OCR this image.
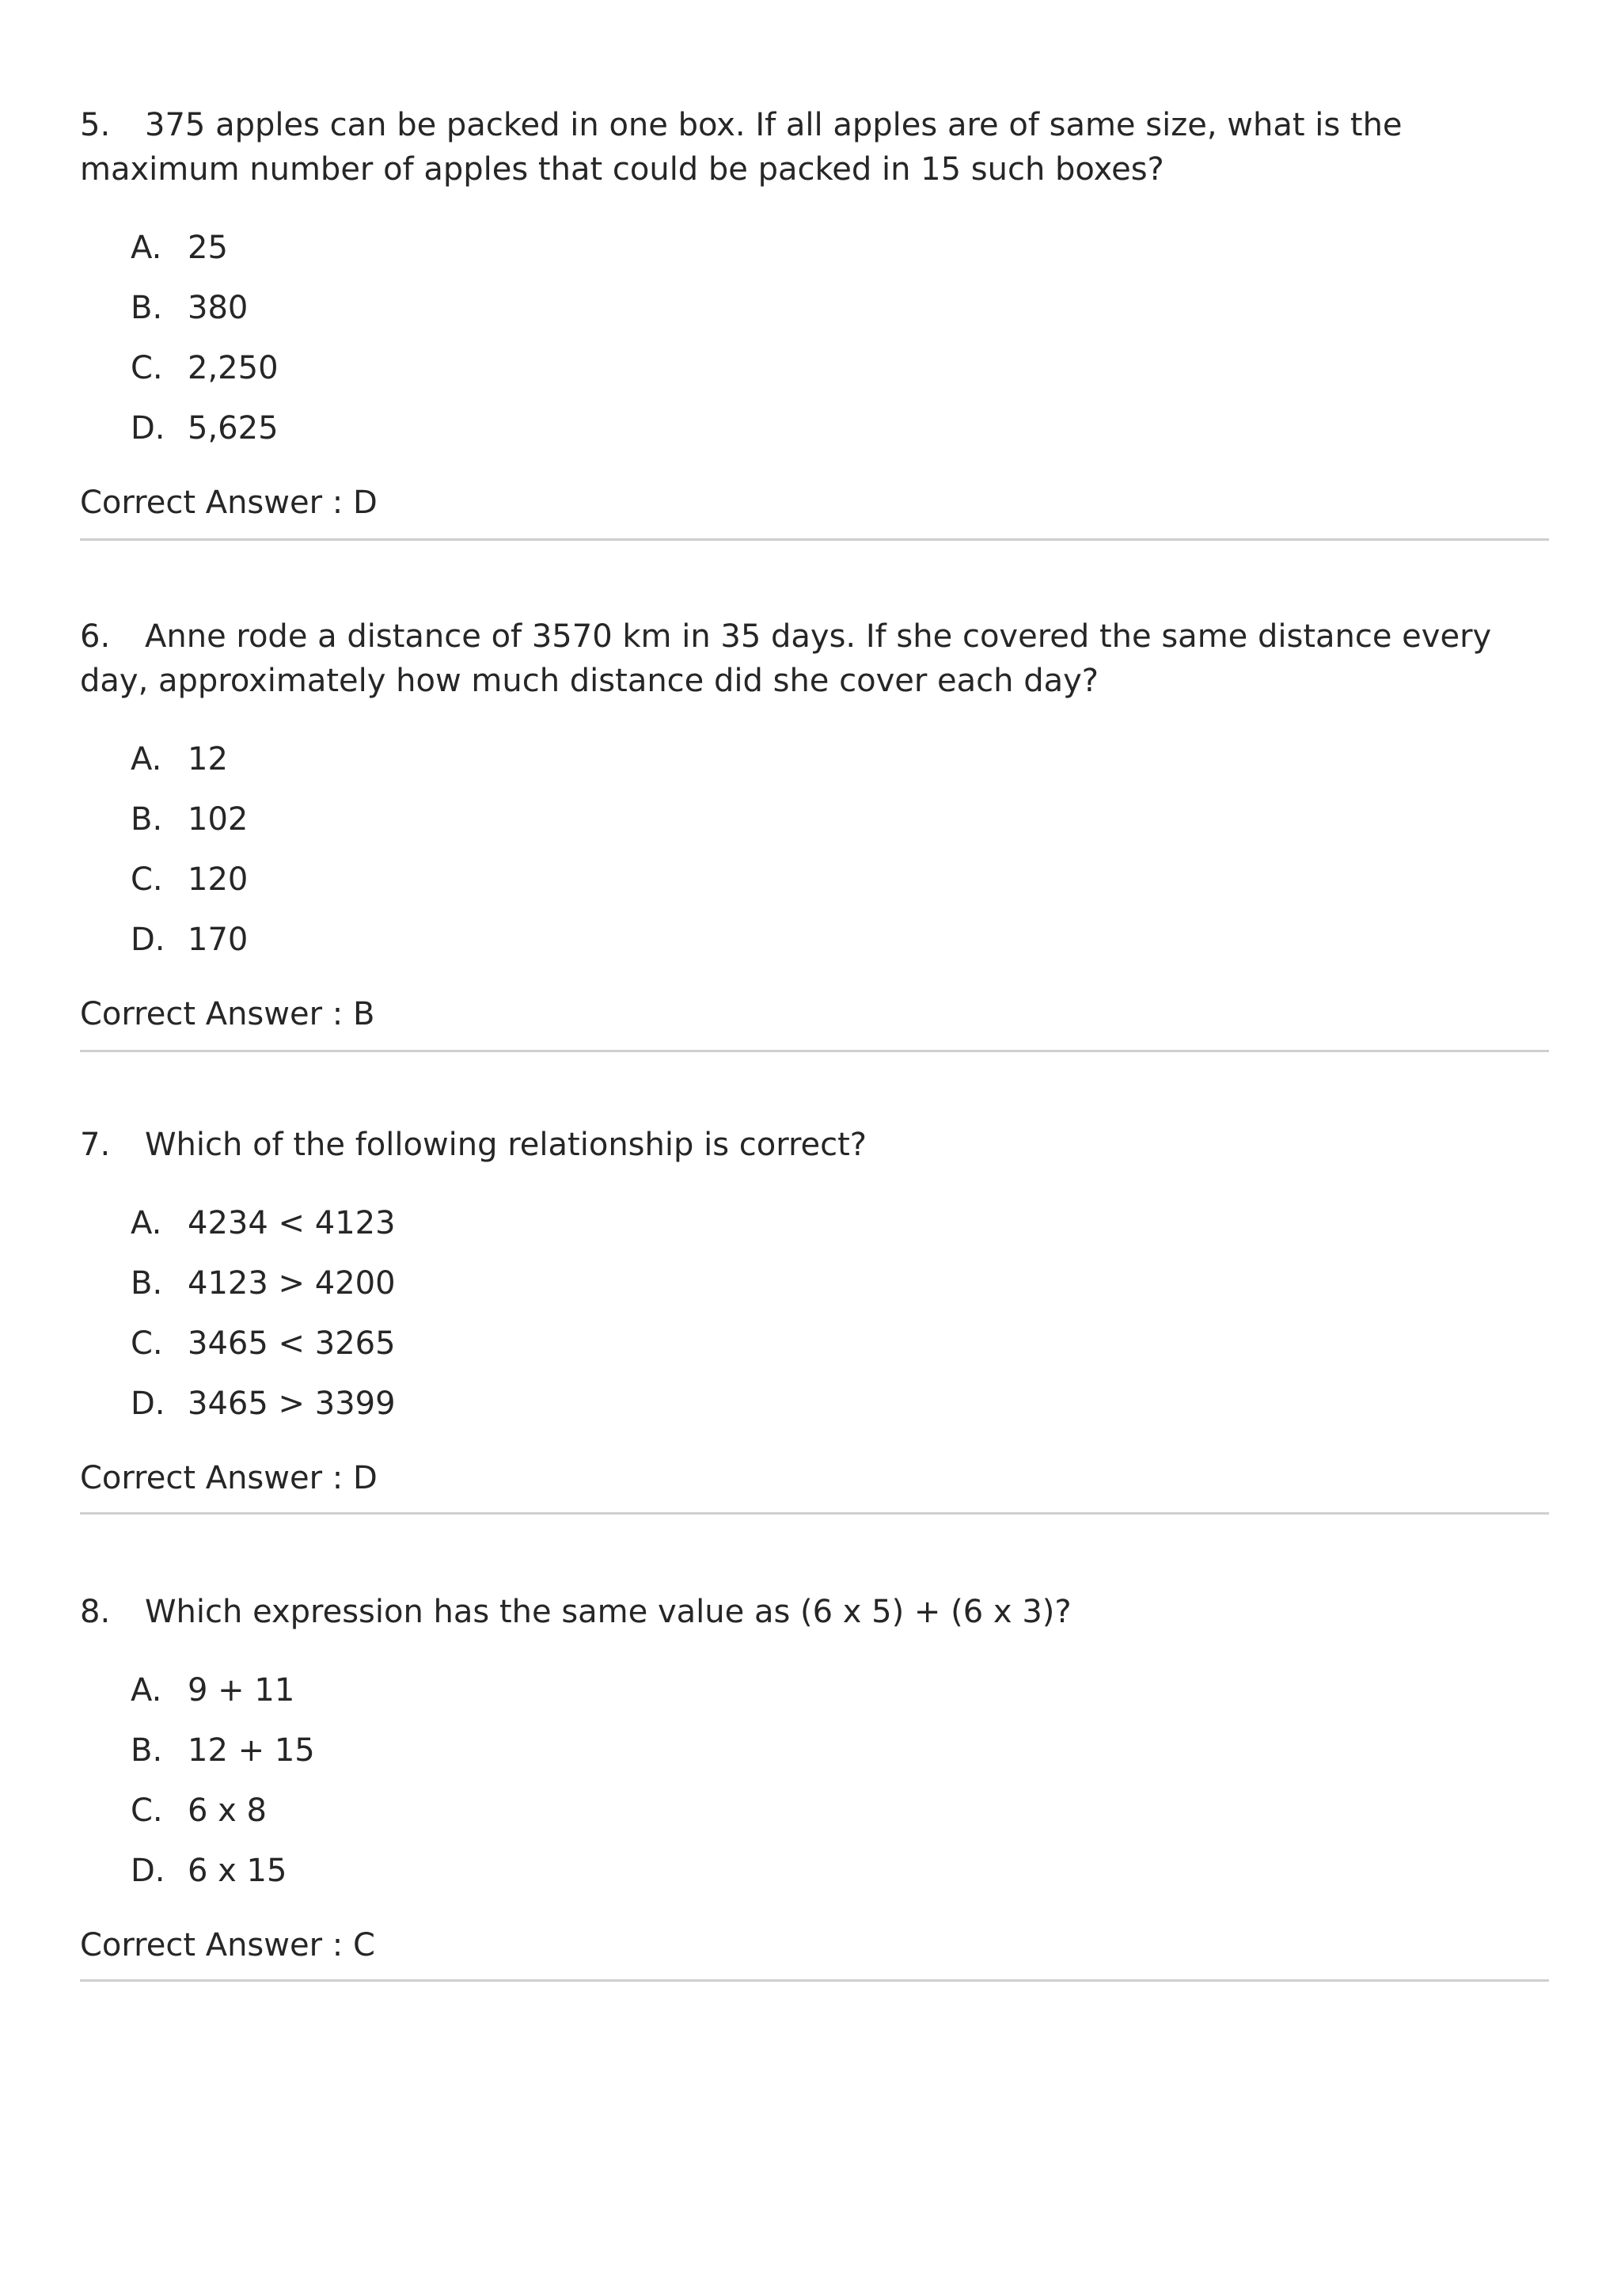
5. 375 apples can be packed in one box. If all apples are of same size, what is the maximum number of apples that could be packed in 15 such boxes?

A. 25
B. 380
C. 2,250
D. 5,625

Correct Answer : D

6. Anne rode a distance of 3570 km in 35 days. If she covered the same distance every day, approximately how much distance did she cover each day?

A. 12
B. 102
C. 120
D. 170

Correct Answer : B

7. Which of the following relationship is correct?

A. 4234 < 4123
B. 4123 > 4200
C. 3465 < 3265
D. 3465 > 3399

Correct Answer : D

8. Which expression has the same value as (6 x 5) + (6 x 3)?

A. 9 + 11
B. 12 + 15
C. 6 x 8
D. 6 x 15

Correct Answer : C
